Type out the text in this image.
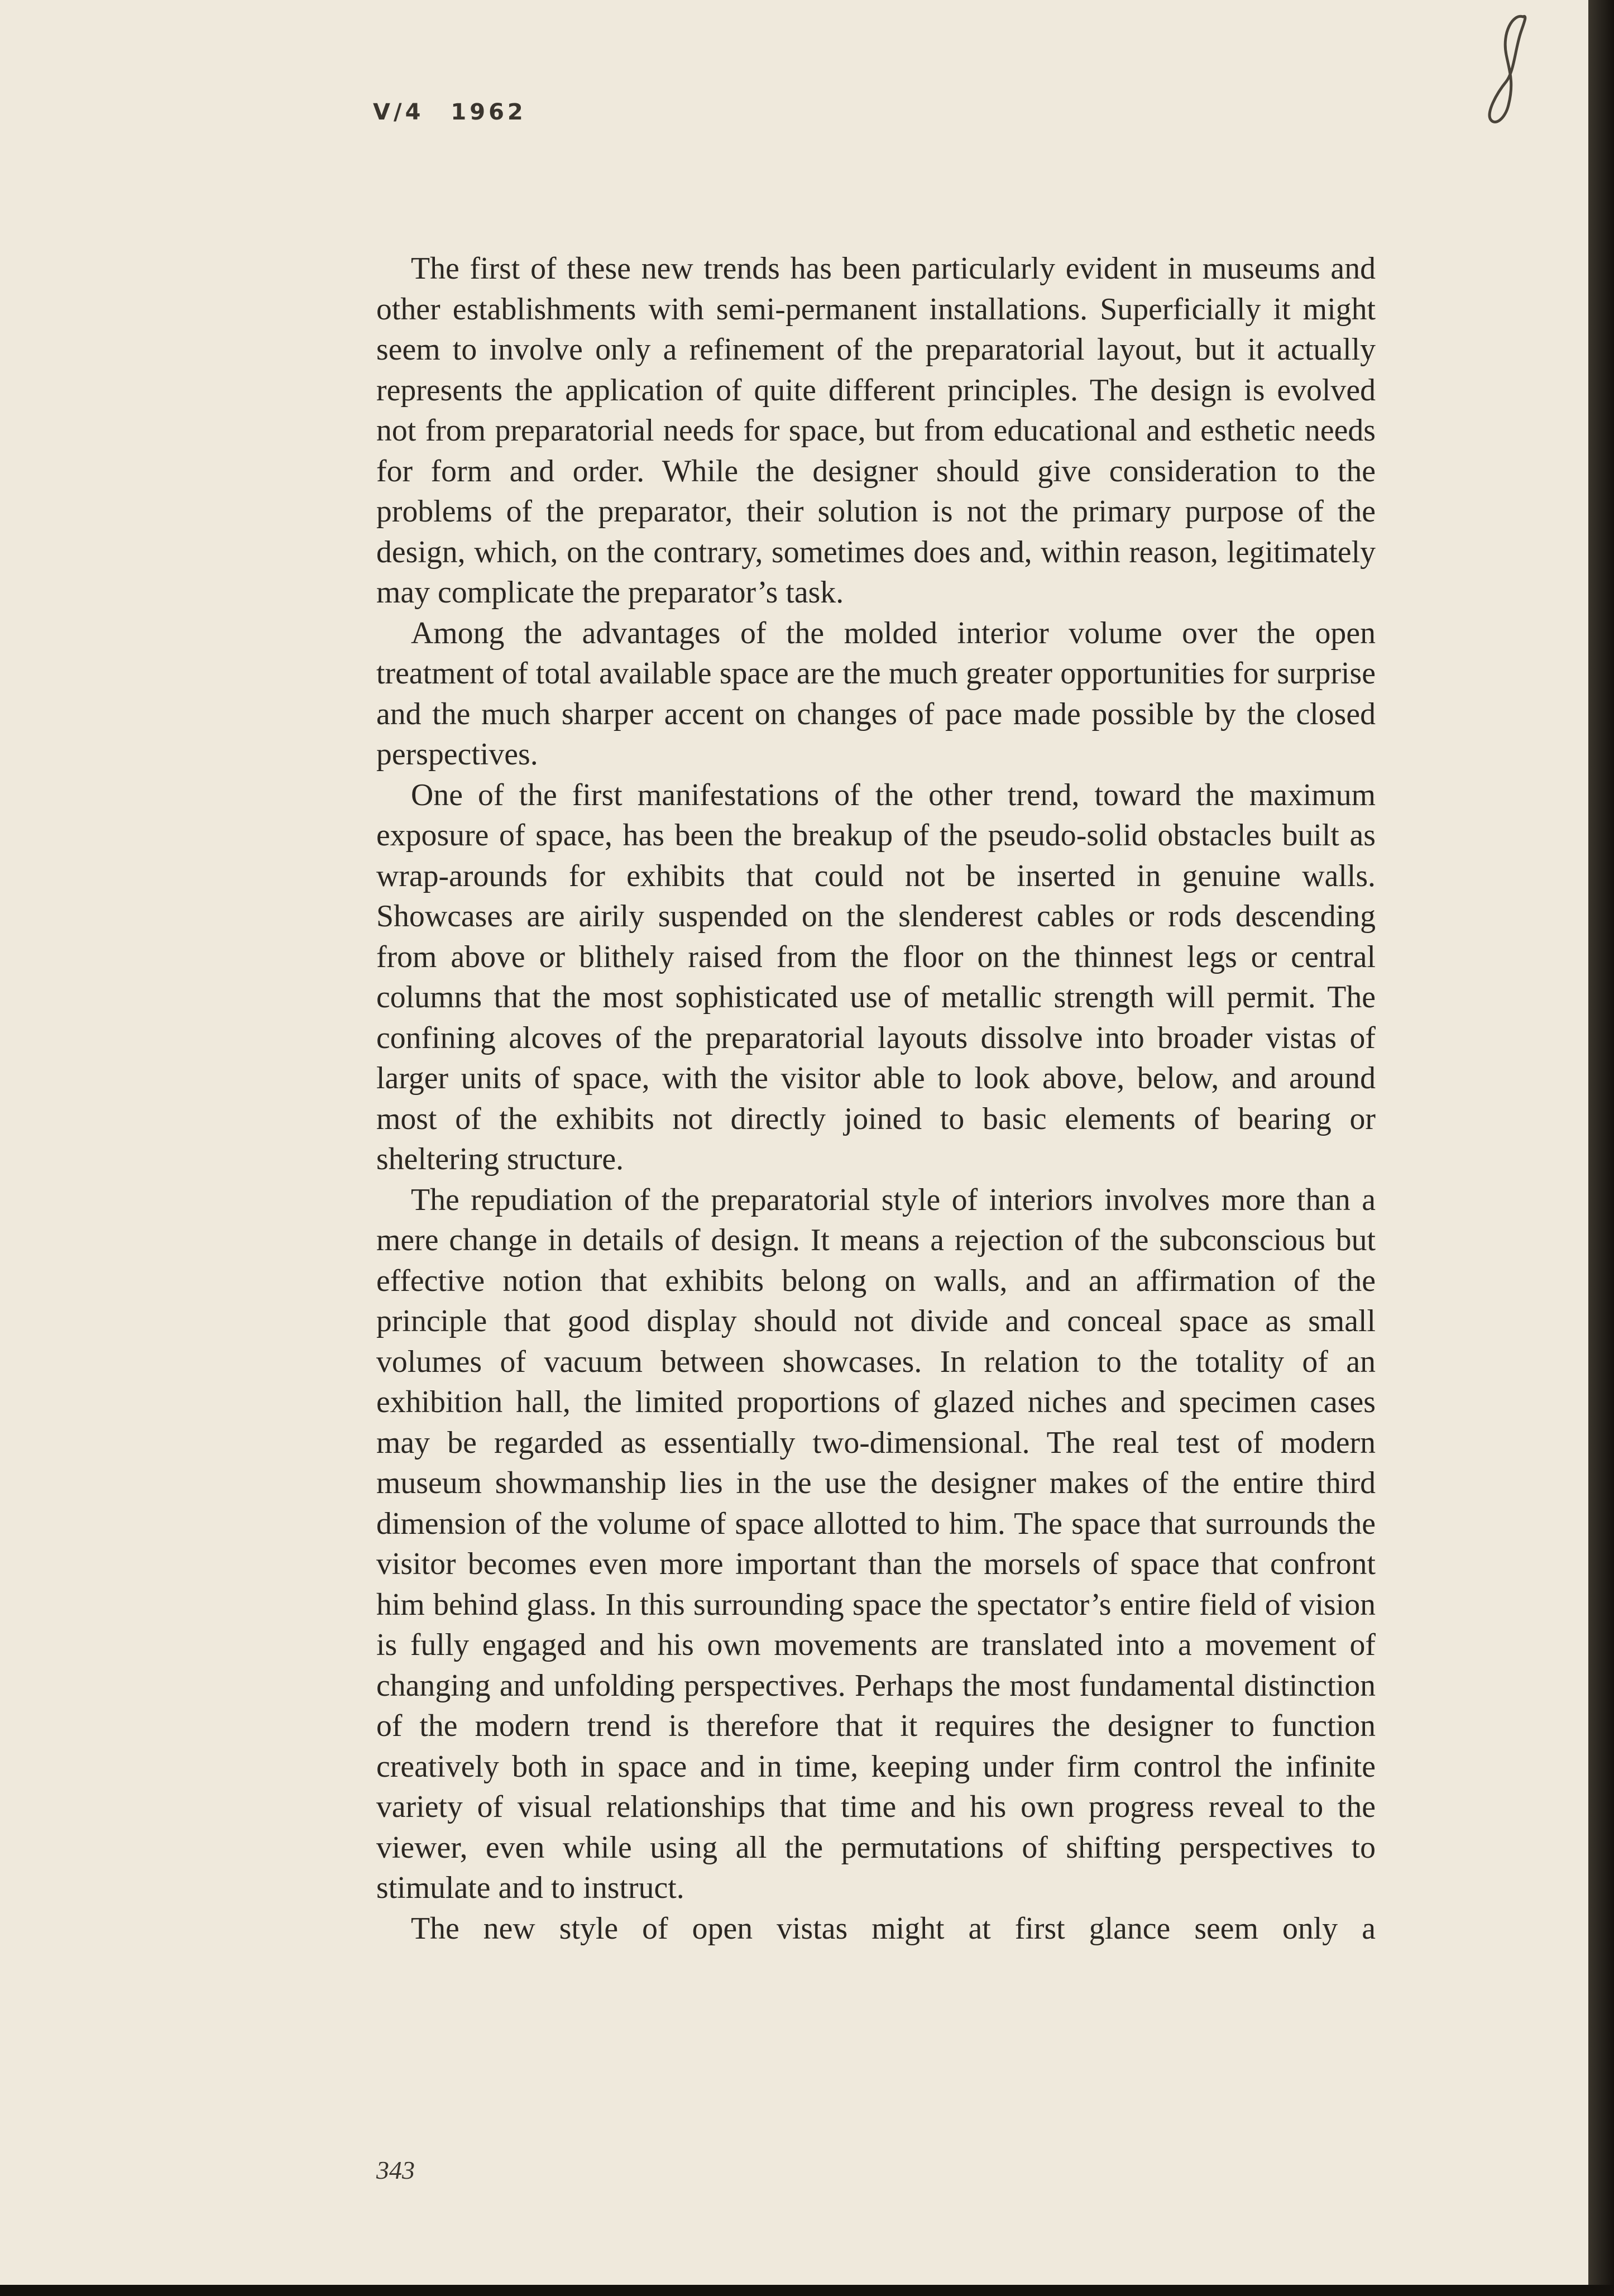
V/4 1962

The first of these new trends has been particularly evident in museums and other establishments with semi-permanent installations. Superficially it might seem to involve only a refinement of the preparatorial layout, but it actually represents the application of quite different principles. The design is evolved not from preparatorial needs for space, but from educational and esthetic needs for form and order. While the designer should give consideration to the problems of the preparator, their solution is not the primary purpose of the design, which, on the contrary, sometimes does and, within reason, legitimately may complicate the preparator’s task.

Among the advantages of the molded interior volume over the open treatment of total available space are the much greater opportunities for surprise and the much sharper accent on changes of pace made possible by the closed perspectives.

One of the first manifestations of the other trend, toward the maximum exposure of space, has been the breakup of the pseudo-solid obstacles built as wrap-arounds for exhibits that could not be inserted in genuine walls. Showcases are airily suspended on the slenderest cables or rods descending from above or blithely raised from the floor on the thinnest legs or central columns that the most sophisticated use of metallic strength will permit. The confining alcoves of the preparatorial layouts dissolve into broader vistas of larger units of space, with the visitor able to look above, below, and around most of the exhibits not directly joined to basic elements of bearing or sheltering structure.

The repudiation of the preparatorial style of interiors involves more than a mere change in details of design. It means a rejection of the subconscious but effective notion that exhibits belong on walls, and an affirmation of the principle that good display should not divide and conceal space as small volumes of vacuum between showcases. In relation to the totality of an exhibition hall, the limited proportions of glazed niches and specimen cases may be regarded as essentially two-dimensional. The real test of modern museum showmanship lies in the use the designer makes of the entire third dimension of the volume of space allotted to him. The space that surrounds the visitor becomes even more important than the morsels of space that confront him behind glass. In this surrounding space the spectator’s entire field of vision is fully engaged and his own movements are translated into a movement of changing and unfolding perspectives. Perhaps the most fundamental distinction of the modern trend is therefore that it requires the designer to function creatively both in space and in time, keeping under firm control the infinite variety of visual relationships that time and his own progress reveal to the viewer, even while using all the permutations of shifting perspectives to stimulate and to instruct.

The new style of open vistas might at first glance seem only a

343
